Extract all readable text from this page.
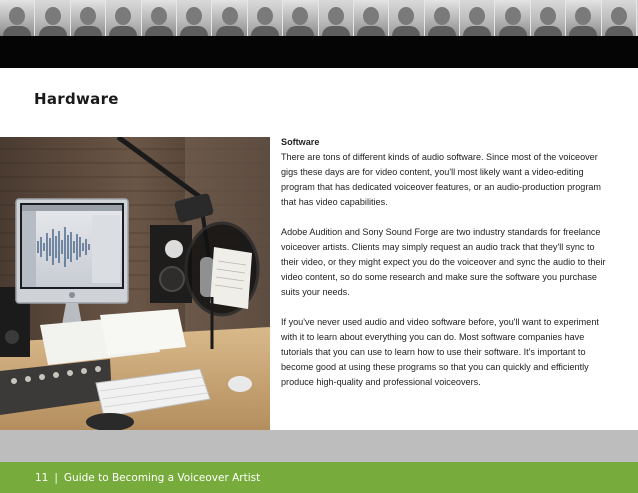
Hardware
Software

There are tons of different kinds of audio software. Since most of the voiceover gigs these days are for video content, you'll most likely want a video-editing program that has dedicated voiceover features, or an audio-production program that has video capabilities.

Adobe Audition and Sony Sound Forge are two industry standards for freelance voiceover artists. Clients may simply request an audio track that they'll sync to their video, or they might expect you do the voiceover and sync the audio to their video content, so do some research and make sure the software you purchase suits your needs.

If you've never used audio and video software before, you'll want to experiment with it to learn about everything you can do. Most software companies have tutorials that you can use to learn how to use their software. It's important to become good at using these programs so that you can quickly and efficiently produce high-quality and professional voiceovers.

11 | Guide to Becoming a Voiceover Artist
